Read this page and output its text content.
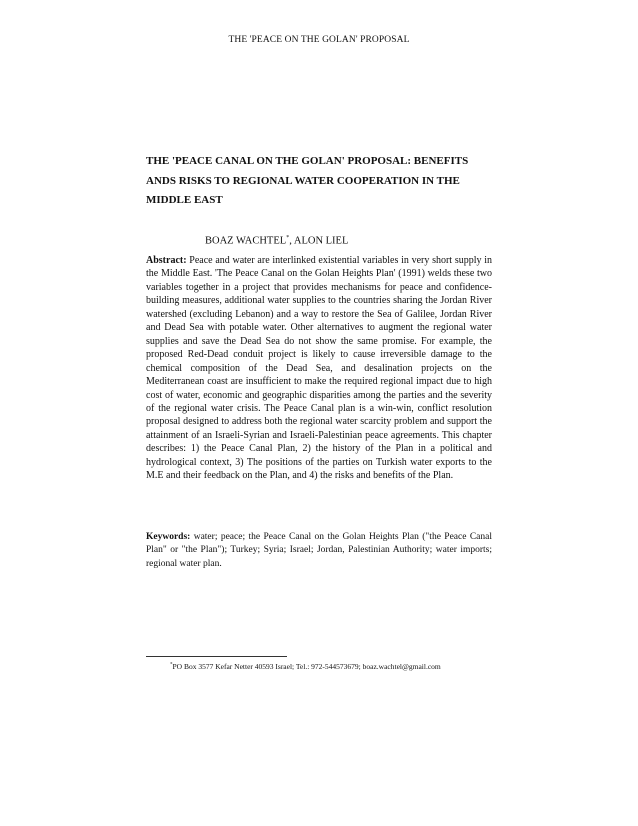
THE 'PEACE ON THE GOLAN' PROPOSAL
THE 'PEACE CANAL ON THE GOLAN' PROPOSAL: BENEFITS ANDS RISKS TO REGIONAL WATER COOPERATION IN THE MIDDLE EAST
BOAZ WACHTEL*, ALON LIEL

Abstract: Peace and water are interlinked existential variables in very short supply in the Middle East. 'The Peace Canal on the Golan Heights Plan' (1991) welds these two variables together in a project that provides mechanisms for peace and confidence-building measures, additional water supplies to the countries sharing the Jordan River watershed (excluding Lebanon) and a way to restore the Sea of Galilee, Jordan River and Dead Sea with potable water. Other alternatives to augment the regional water supplies and save the Dead Sea do not show the same promise. For example, the proposed Red-Dead conduit project is likely to cause irreversible damage to the chemical composition of the Dead Sea, and desalination projects on the Mediterranean coast are insufficient to make the required regional impact due to high cost of water, economic and geographic disparities among the parties and the severity of the regional water crisis. The Peace Canal plan is a win-win, conflict resolution proposal designed to address both the regional water scarcity problem and support the attainment of an Israeli-Syrian and Israeli-Palestinian peace agreements. This chapter describes: 1) the Peace Canal Plan, 2) the history of the Plan in a political and hydrological context, 3) The positions of the parties on Turkish water exports to the M.E and their feedback on the Plan, and 4) the risks and benefits of the Plan.

Keywords: water; peace; the Peace Canal on the Golan Heights Plan ("the Peace Canal Plan" or "the Plan"); Turkey; Syria; Israel; Jordan, Palestinian Authority; water imports; regional water plan.

*PO Box 3577 Kefar Netter 40593 Israel; Tel.: 972-544573679; boaz.wachtel@gmail.com
